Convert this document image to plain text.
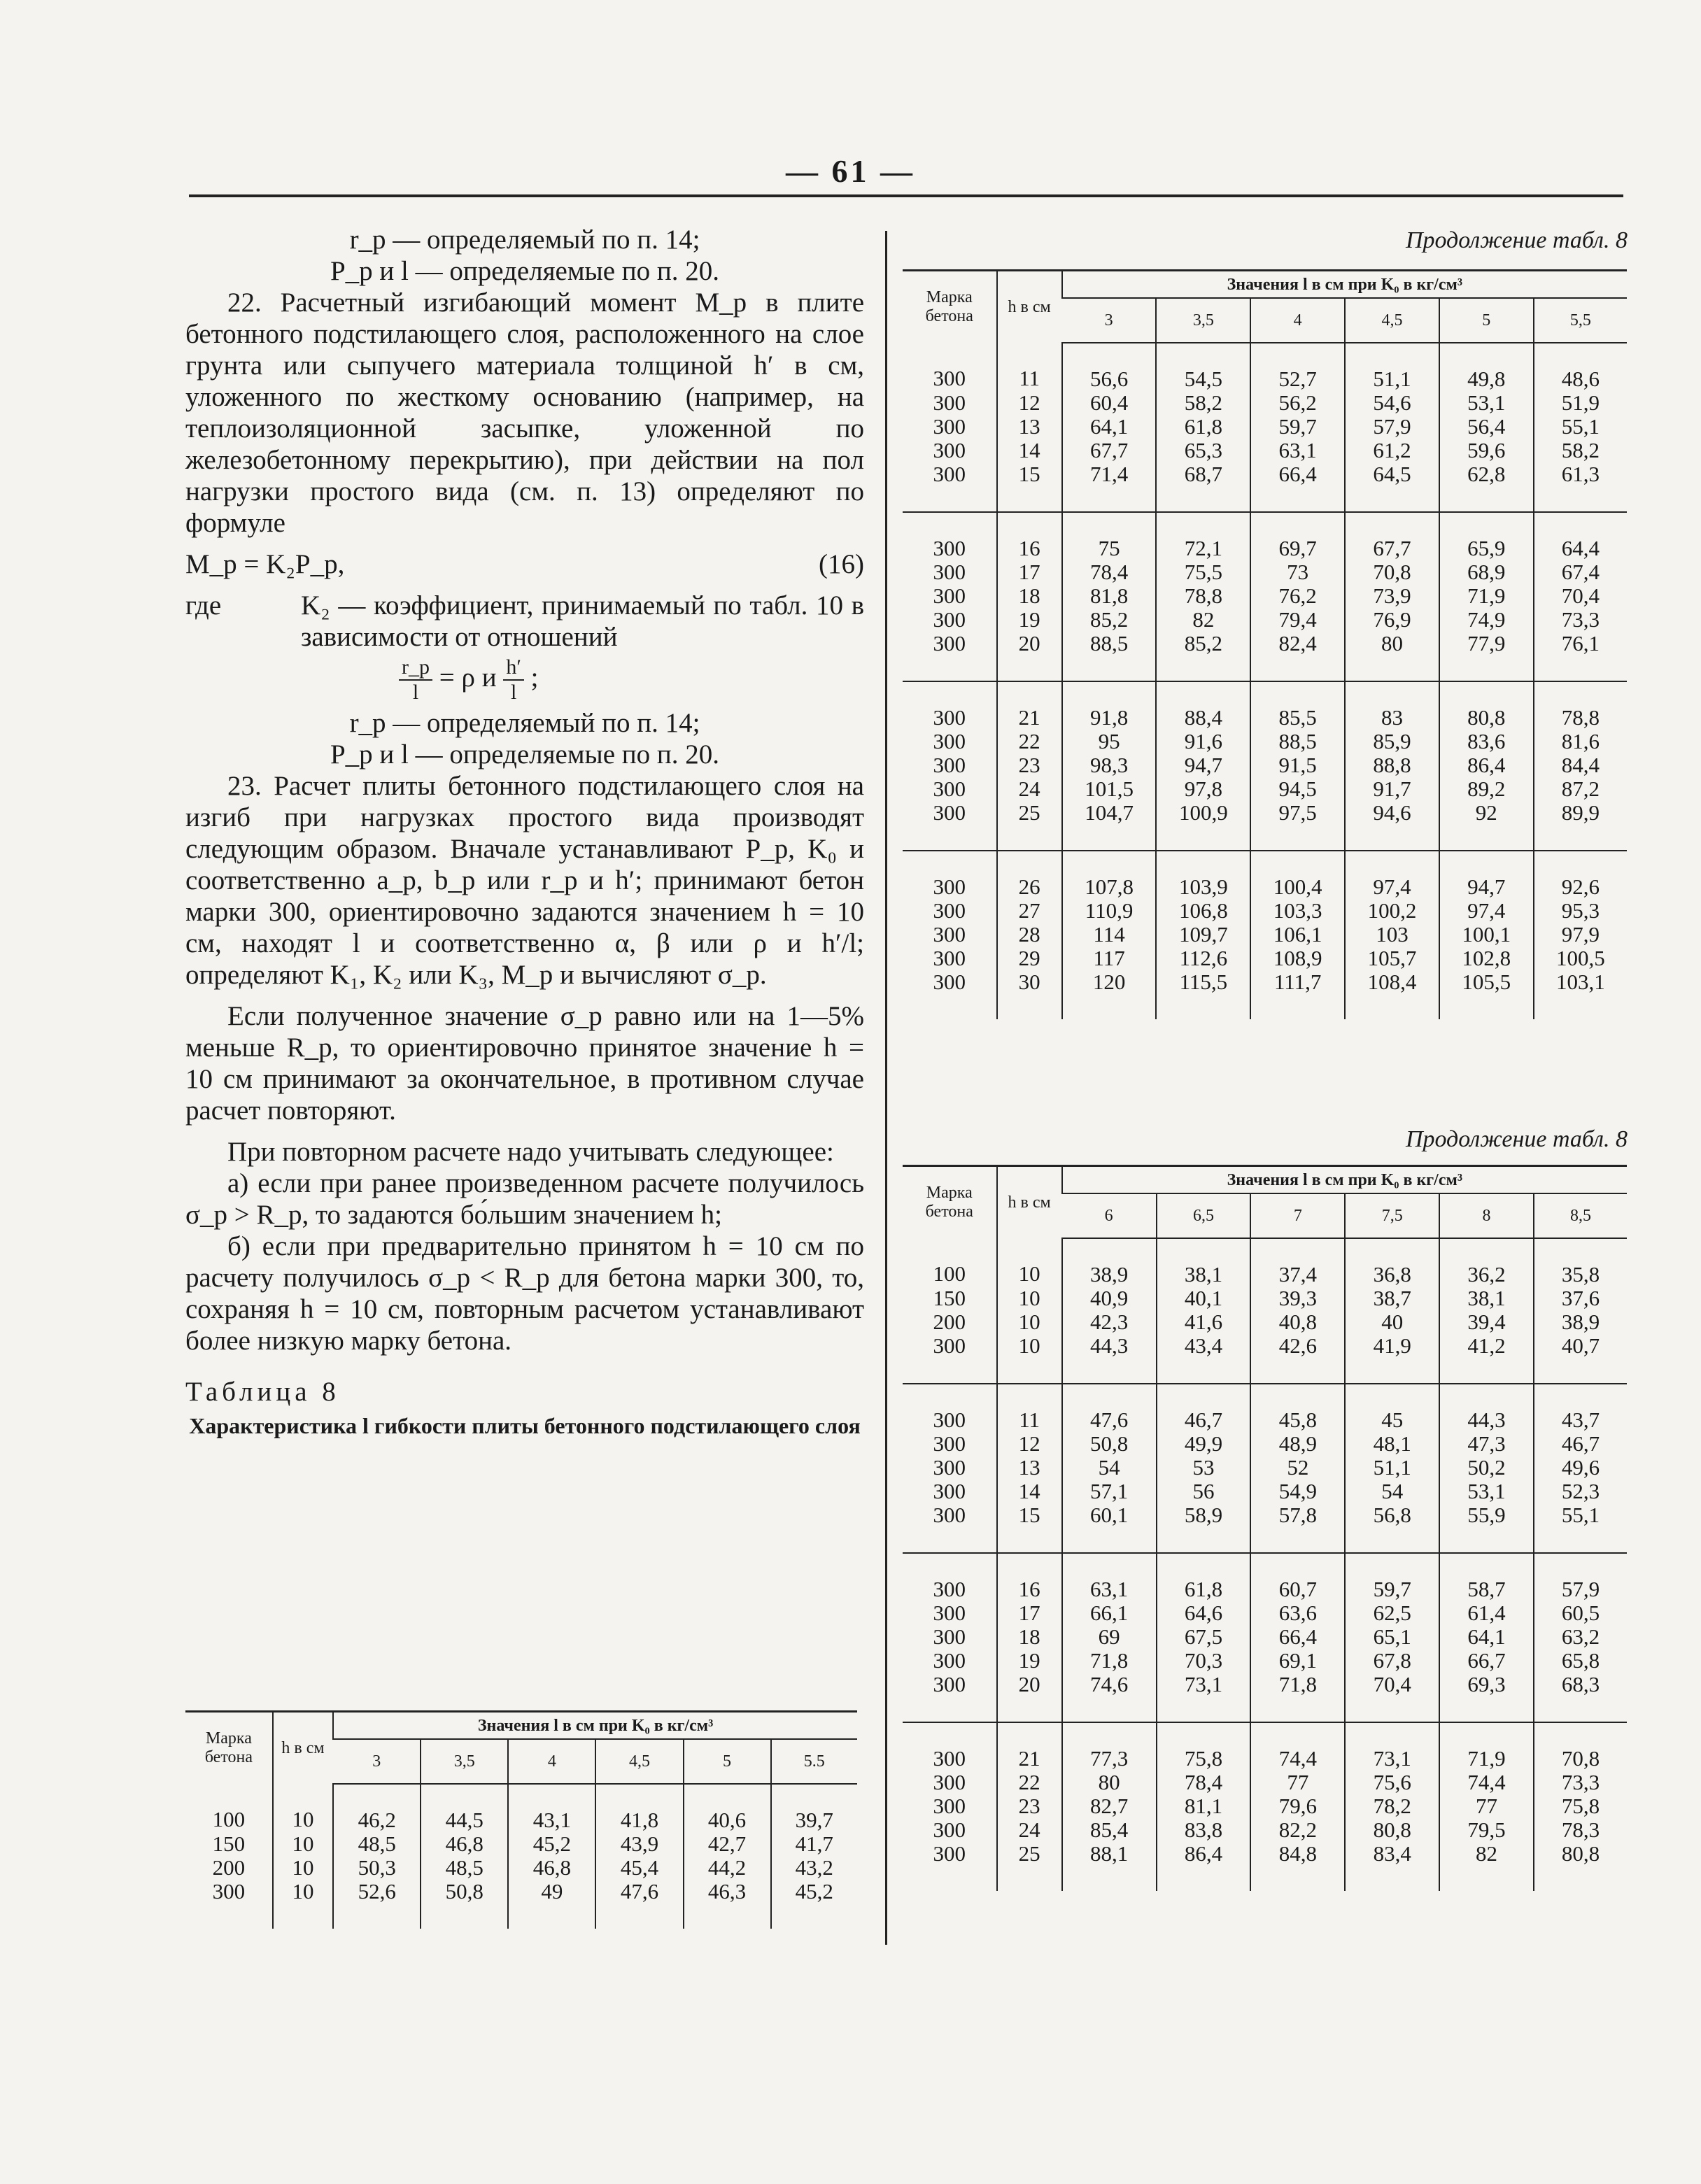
— 61 —

r_р — определяемый по п. 14;

P_р и l — определяемые по п. 20.

22. Расчетный изгибающий момент M_р в плите бетонного подстилающего слоя, расположенного на слое грунта или сыпучего материала толщиной h′ в см, уложенного по жесткому основанию (например, на теплоизоляционной засыпке, уложенной по железобетонному перекрытию), при действии на пол нагрузки простого вида (см. п. 13) определяют по формуле

M_р = K₂P_р,	(16)

где	K₂ — коэффициент, принимаемый по табл. 10 в зависимости от отношений

$\frac{r\_p}{l} = \rho$ и $\frac{h'}{l}$ ;

r_р — определяемый по п. 14;

P_р и l — определяемые по п. 20.

23. Расчет плиты бетонного подстилающего слоя на изгиб при нагрузках простого вида производят следующим образом. Вначале устанавливают P_р, K₀ и соответственно a_р, b_р или r_р и h′; принимают бетон марки 300, ориентировочно задаются значением h = 10 см, находят l и соответственно α, β или ρ и h′/l; определяют K₁, K₂ или K₃, M_р и вычисляют σ_р.

Если полученное значение σ_р равно или на 1—5% меньше R_р, то ориентировочно принятое значение h = 10 см принимают за окончательное, в противном случае расчет повторяют.

При повторном расчете надо учитывать следующее:

а) если при ранее произведенном расчете получилось σ_р > R_р, то задаются бо́льшим значением h;

б) если при предварительно принятом h = 10 см по расчету получилось σ_р < R_р для бетона марки 300, то, сохраняя h = 10 см, повторным расчетом устанавливают более низкую марку бетона.

Таблица 8

Характеристика l гибкости плиты бетонного подстилающего слоя

Марка бетона	h в см	Значения l в см при K₀ в кг/см³					
		3	3,5	4	4,5	5	5.5
100	10	46,2	44,5	43,1	41,8	40,6	39,7
150	10	48,5	46,8	45,2	43,9	42,7	41,7
200	10	50,3	48,5	46,8	45,4	44,2	43,2
300	10	52,6	50,8	49	47,6	46,3	45,2
Продолжение табл. 8
Марка бетона	h в см	Значения l в см при K₀ в кг/см³					
		3	3,5	4	4,5	5	5,5
300	11	56,6	54,5	52,7	51,1	49,8	48,6
300	12	60,4	58,2	56,2	54,6	53,1	51,9
300	13	64,1	61,8	59,7	57,9	56,4	55,1
300	14	67,7	65,3	63,1	61,2	59,6	58,2
300	15	71,4	68,7	66,4	64,5	62,8	61,3
300	16	75	72,1	69,7	67,7	65,9	64,4
300	17	78,4	75,5	73	70,8	68,9	67,4
300	18	81,8	78,8	76,2	73,9	71,9	70,4
300	19	85,2	82	79,4	76,9	74,9	73,3
300	20	88,5	85,2	82,4	80	77,9	76,1
300	21	91,8	88,4	85,5	83	80,8	78,8
300	22	95	91,6	88,5	85,9	83,6	81,6
300	23	98,3	94,7	91,5	88,8	86,4	84,4
300	24	101,5	97,8	94,5	91,7	89,2	87,2
300	25	104,7	100,9	97,5	94,6	92	89,9
300	26	107,8	103,9	100,4	97,4	94,7	92,6
300	27	110,9	106,8	103,3	100,2	97,4	95,3
300	28	114	109,7	106,1	103	100,1	97,9
300	29	117	112,6	108,9	105,7	102,8	100,5
300	30	120	115,5	111,7	108,4	105,5	103,1
Продолжение табл. 8
Марка бетона	h в см	Значения l в см при K₀ в кг/см³					
		6	6,5	7	7,5	8	8,5
100	10	38,9	38,1	37,4	36,8	36,2	35,8
150	10	40,9	40,1	39,3	38,7	38,1	37,6
200	10	42,3	41,6	40,8	40	39,4	38,9
300	10	44,3	43,4	42,6	41,9	41,2	40,7
300	11	47,6	46,7	45,8	45	44,3	43,7
300	12	50,8	49,9	48,9	48,1	47,3	46,7
300	13	54	53	52	51,1	50,2	49,6
300	14	57,1	56	54,9	54	53,1	52,3
300	15	60,1	58,9	57,8	56,8	55,9	55,1
300	16	63,1	61,8	60,7	59,7	58,7	57,9
300	17	66,1	64,6	63,6	62,5	61,4	60,5
300	18	69	67,5	66,4	65,1	64,1	63,2
300	19	71,8	70,3	69,1	67,8	66,7	65,8
300	20	74,6	73,1	71,8	70,4	69,3	68,3
300	21	77,3	75,8	74,4	73,1	71,9	70,8
300	22	80	78,4	77	75,6	74,4	73,3
300	23	82,7	81,1	79,6	78,2	77	75,8
300	24	85,4	83,8	82,2	80,8	79,5	78,3
300	25	88,1	86,4	84,8	83,4	82	80,8
